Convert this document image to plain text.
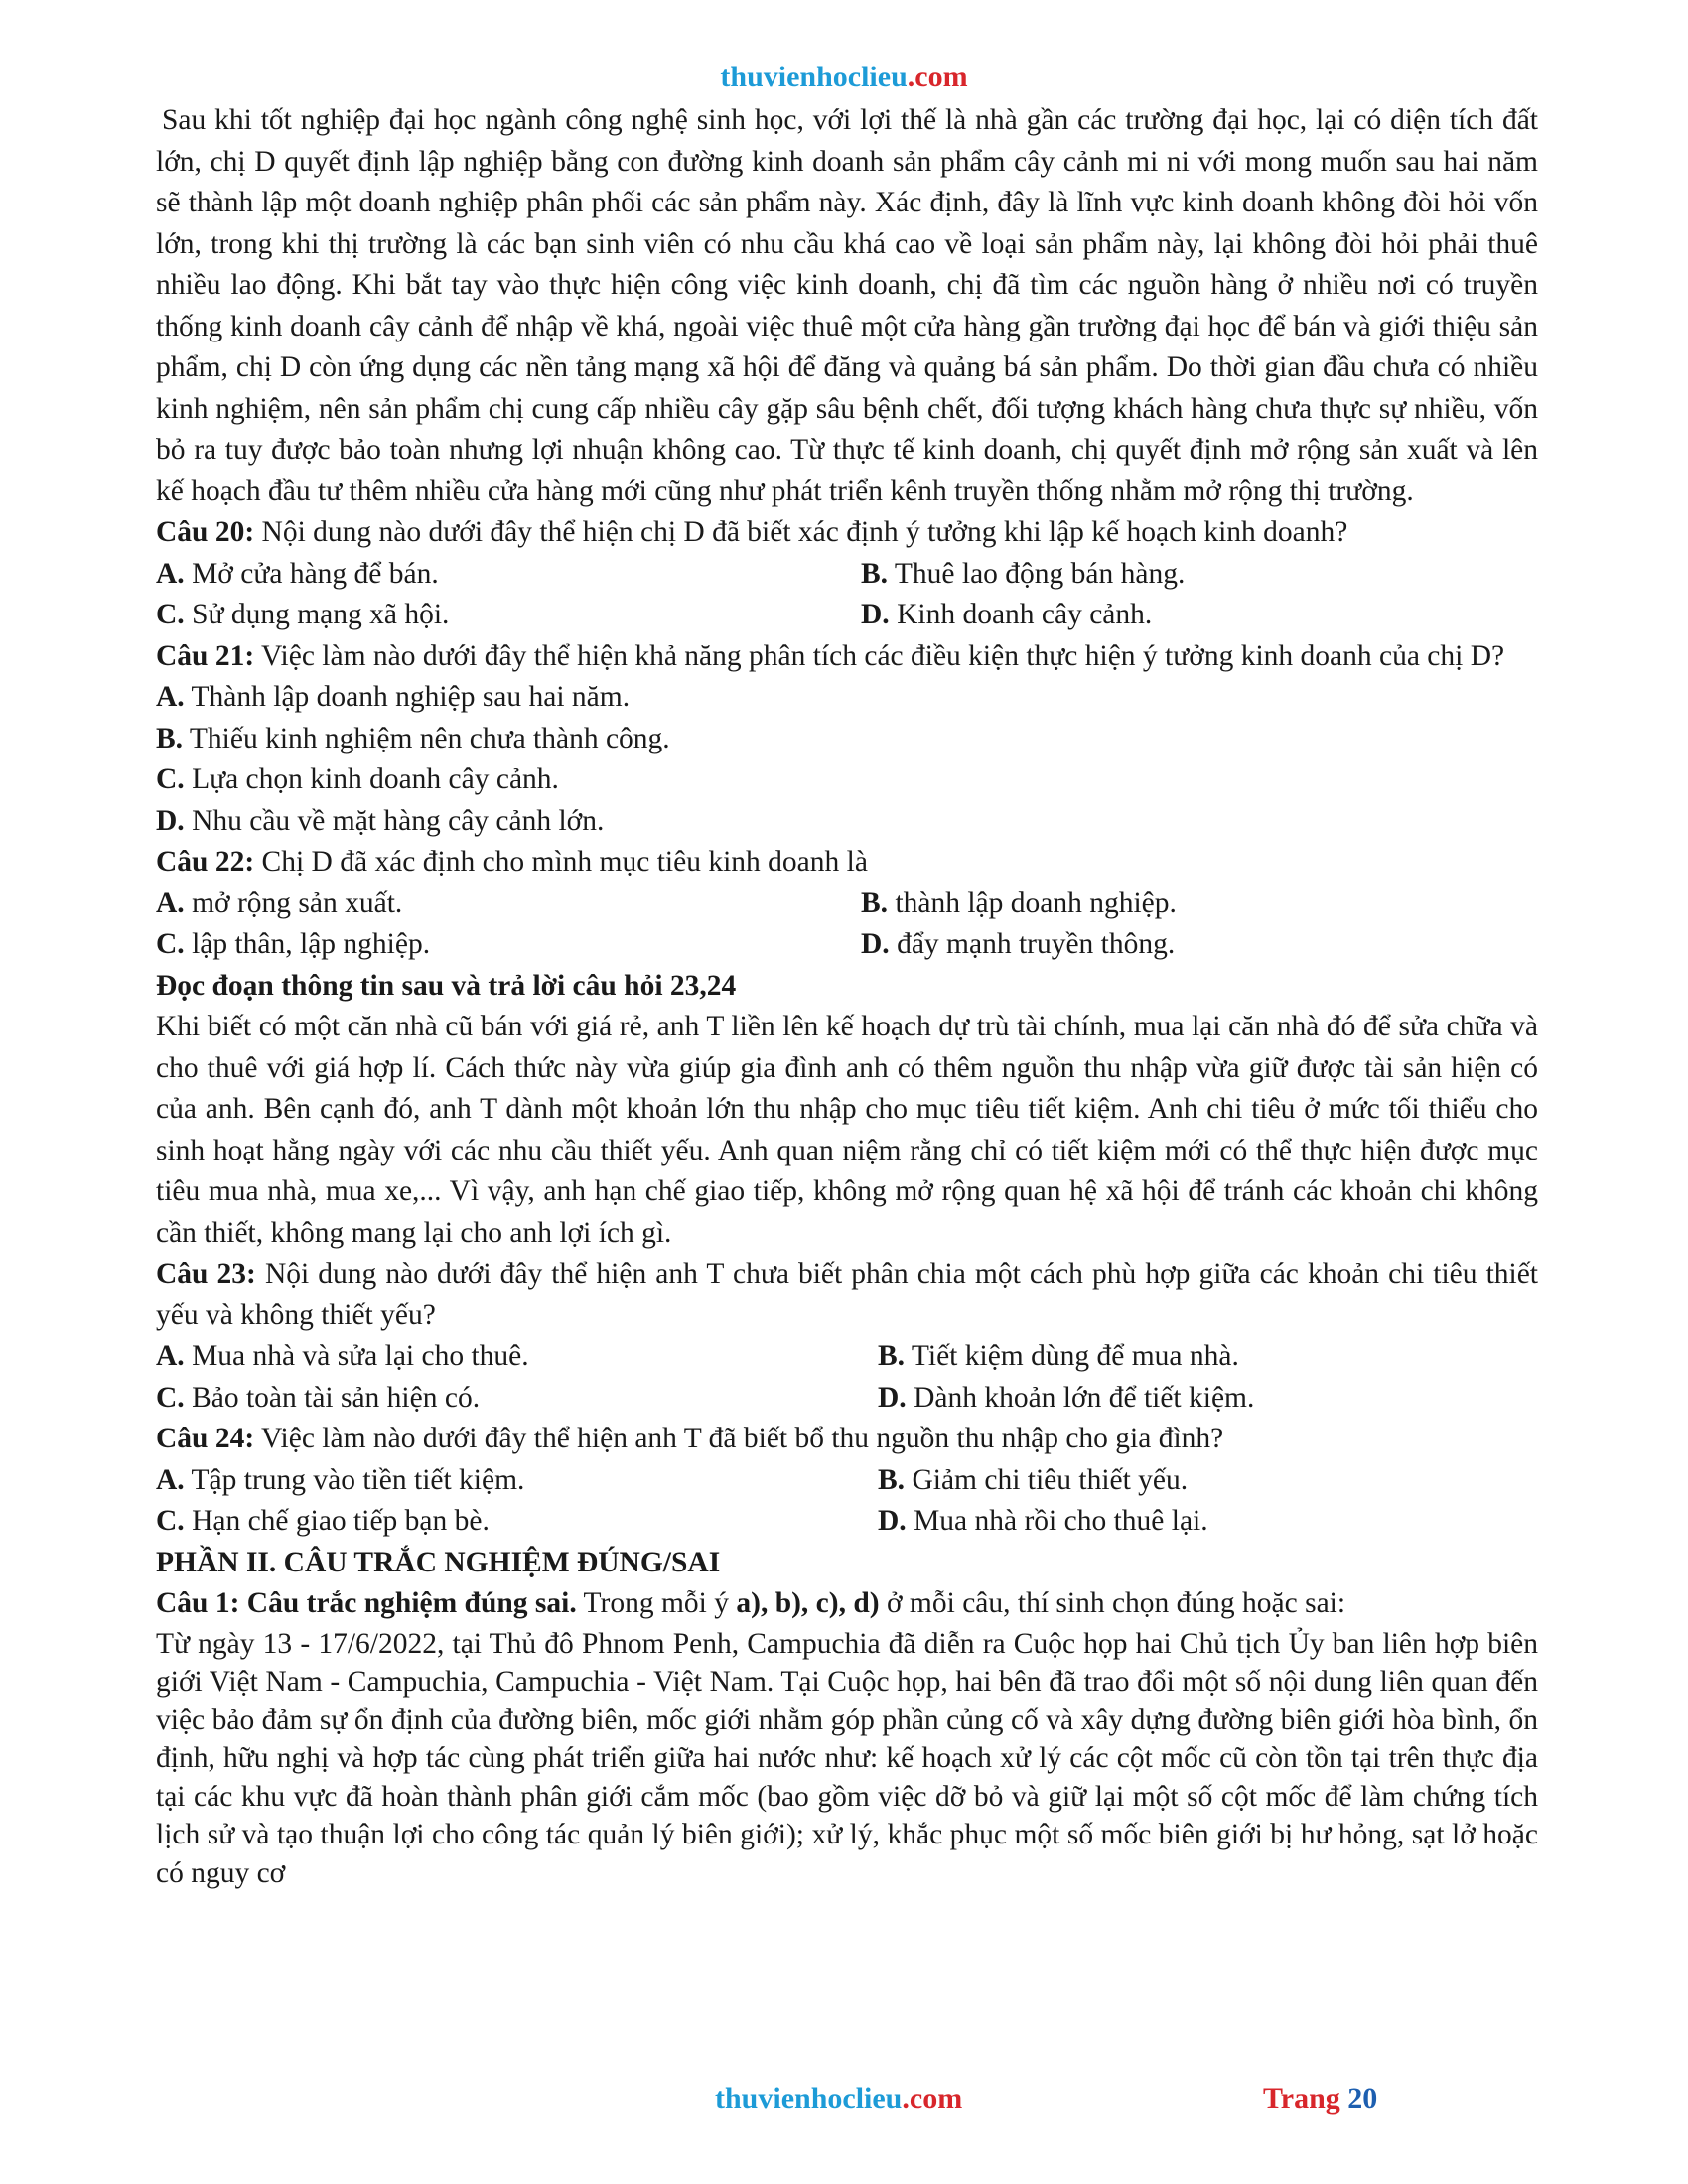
thuvienhoclieu.com

Sau khi tốt nghiệp đại học ngành công nghệ sinh học, với lợi thế là nhà gần các trường đại học, lại có diện tích đất lớn, chị D quyết định lập nghiệp bằng con đường kinh doanh sản phẩm cây cảnh mi ni với mong muốn sau hai năm sẽ thành lập một doanh nghiệp phân phối các sản phẩm này. Xác định, đây là lĩnh vực kinh doanh không đòi hỏi vốn lớn, trong khi thị trường là các bạn sinh viên có nhu cầu khá cao về loại sản phẩm này, lại không đòi hỏi phải thuê nhiều lao động. Khi bắt tay vào thực hiện công việc kinh doanh, chị đã tìm các nguồn hàng ở nhiều nơi có truyền thống kinh doanh cây cảnh để nhập về khá, ngoài việc thuê một cửa hàng gần trường đại học để bán và giới thiệu sản phẩm, chị D còn ứng dụng các nền tảng mạng xã hội để đăng và quảng bá sản phẩm. Do thời gian đầu chưa có nhiều kinh nghiệm, nên sản phẩm chị cung cấp nhiều cây gặp sâu bệnh chết, đối tượng khách hàng chưa thực sự nhiều, vốn bỏ ra tuy được bảo toàn nhưng lợi nhuận không cao. Từ thực tế kinh doanh, chị quyết định mở rộng sản xuất và lên kế hoạch đầu tư thêm nhiều cửa hàng mới cũng như phát triển kênh truyền thống nhằm mở rộng thị trường.

Câu 20: Nội dung nào dưới đây thể hiện chị D đã biết xác định ý tưởng khi lập kế hoạch kinh doanh?

A. Mở cửa hàng để bán.	B. Thuê lao động bán hàng.
C. Sử dụng mạng xã hội.	D. Kinh doanh cây cảnh.

Câu 21: Việc làm nào dưới đây thể hiện khả năng phân tích các điều kiện thực hiện ý tưởng kinh doanh của chị D?

A. Thành lập doanh nghiệp sau hai năm.
B. Thiếu kinh nghiệm nên chưa thành công.
C. Lựa chọn kinh doanh cây cảnh.
D. Nhu cầu về mặt hàng cây cảnh lớn.

Câu 22: Chị D đã xác định cho mình mục tiêu kinh doanh là

A. mở rộng sản xuất.	B. thành lập doanh nghiệp.
C. lập thân, lập nghiệp.	D. đẩy mạnh truyền thông.

Đọc đoạn thông tin sau và trả lời câu hỏi 23,24

Khi biết có một căn nhà cũ bán với giá rẻ, anh T liền lên kế hoạch dự trù tài chính, mua lại căn nhà đó để sửa chữa và cho thuê với giá hợp lí. Cách thức này vừa giúp gia đình anh có thêm nguồn thu nhập vừa giữ được tài sản hiện có của anh. Bên cạnh đó, anh T dành một khoản lớn thu nhập cho mục tiêu tiết kiệm. Anh chi tiêu ở mức tối thiểu cho sinh hoạt hằng ngày với các nhu cầu thiết yếu. Anh quan niệm rằng chỉ có tiết kiệm mới có thể thực hiện được mục tiêu mua nhà, mua xe,... Vì vậy, anh hạn chế giao tiếp, không mở rộng quan hệ xã hội để tránh các khoản chi không cần thiết, không mang lại cho anh lợi ích gì.

Câu 23: Nội dung nào dưới đây thể hiện anh T chưa biết phân chia một cách phù hợp giữa các khoản chi tiêu thiết yếu và không thiết yếu?

A. Mua nhà và sửa lại cho thuê.	B. Tiết kiệm dùng để mua nhà.
C. Bảo toàn tài sản hiện có.	D. Dành khoản lớn để tiết kiệm.

Câu 24: Việc làm nào dưới đây thể hiện anh T đã biết bổ thu nguồn thu nhập cho gia đình?

A. Tập trung vào tiền tiết kiệm.	B. Giảm chi tiêu thiết yếu.
C. Hạn chế giao tiếp bạn bè.	D. Mua nhà rồi cho thuê lại.

PHẦN II. CÂU TRẮC NGHIỆM ĐÚNG/SAI

Câu 1: Câu trắc nghiệm đúng sai. Trong mỗi ý a), b), c), d) ở mỗi câu, thí sinh chọn đúng hoặc sai:

Từ ngày 13 - 17/6/2022, tại Thủ đô Phnom Penh, Campuchia đã diễn ra Cuộc họp hai Chủ tịch Ủy ban liên hợp biên giới Việt Nam - Campuchia, Campuchia - Việt Nam. Tại Cuộc họp, hai bên đã trao đổi một số nội dung liên quan đến việc bảo đảm sự ổn định của đường biên, mốc giới nhằm góp phần củng cố và xây dựng đường biên giới hòa bình, ổn định, hữu nghị và hợp tác cùng phát triển giữa hai nước như: kế hoạch xử lý các cột mốc cũ còn tồn tại trên thực địa tại các khu vực đã hoàn thành phân giới cắm mốc (bao gồm việc dỡ bỏ và giữ lại một số cột mốc để làm chứng tích lịch sử và tạo thuận lợi cho công tác quản lý biên giới); xử lý, khắc phục một số mốc biên giới bị hư hỏng, sạt lở hoặc có nguy cơ

thuvienhoclieu.com	Trang 20
